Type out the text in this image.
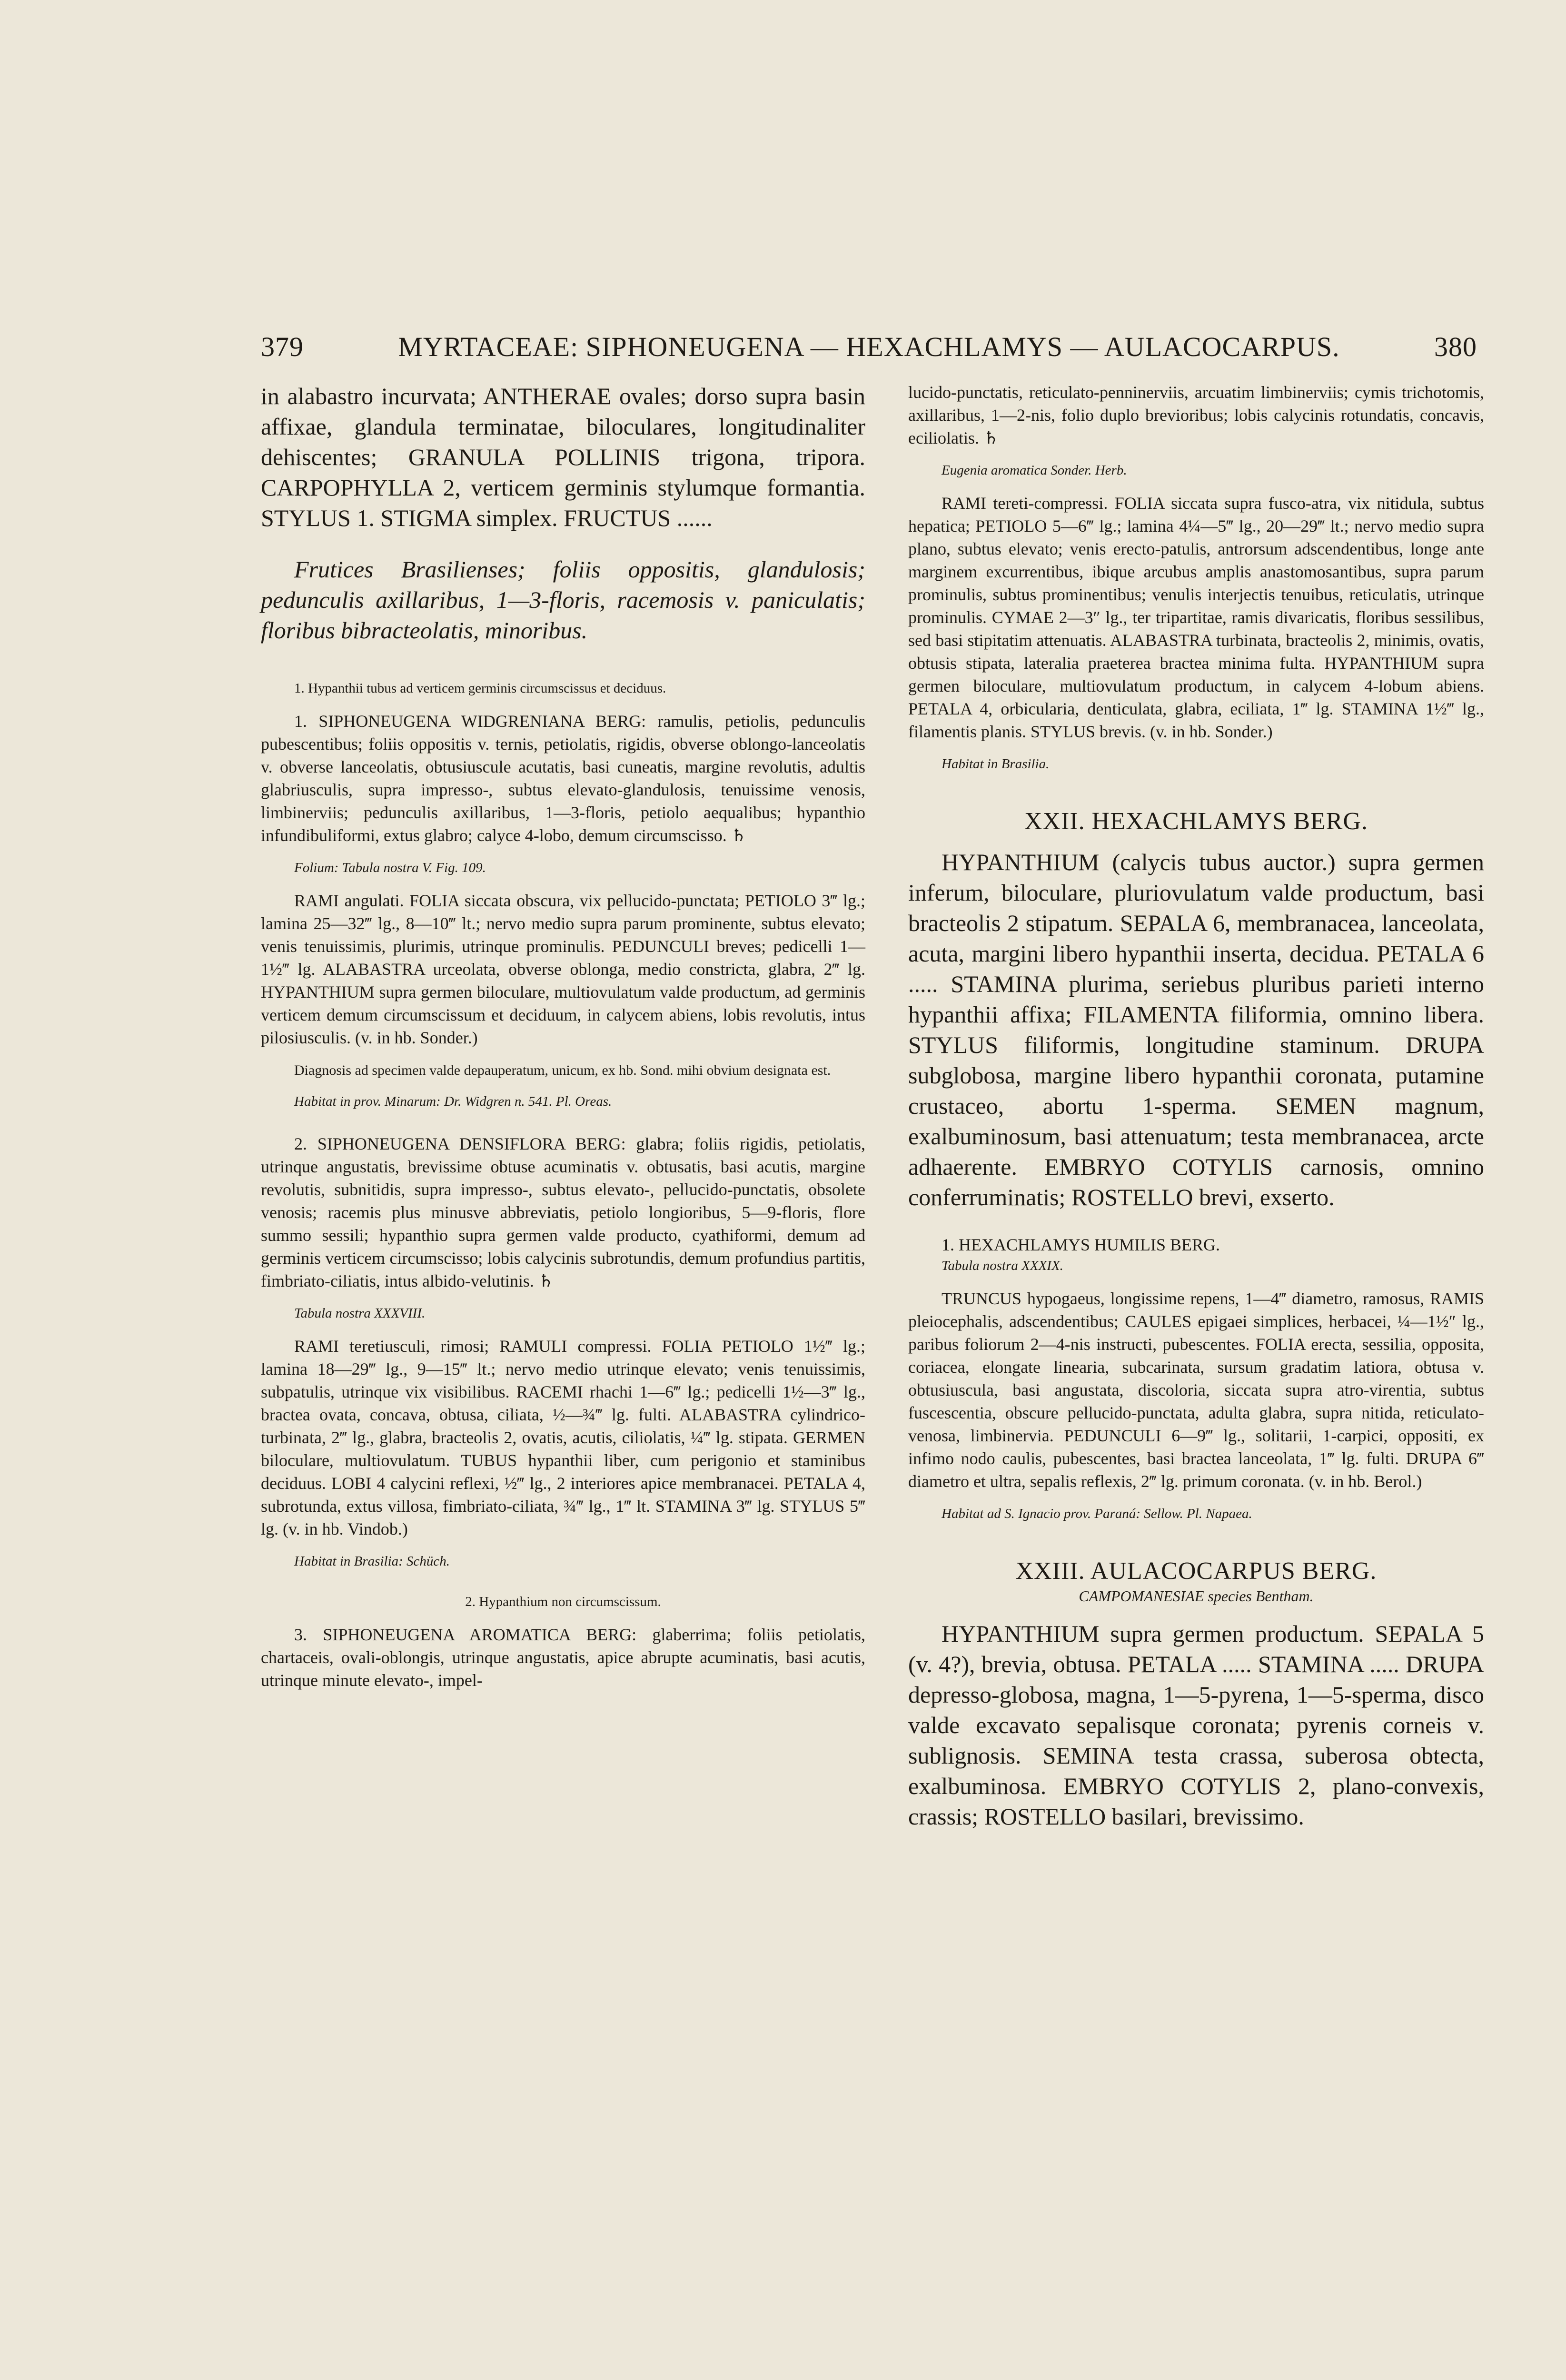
379	MYRTACEAE: SIPHONEUGENA — HEXACHLAMYS — AULACOCARPUS.	380

in alabastro incurvata; ANTHERAE ovales; dorso supra basin affixae, glandula terminatae, biloculares, longitudinaliter dehiscentes; GRANULA POLLINIS trigona, tripora. CARPOPHYLLA 2, verticem germinis stylumque formantia. STYLUS 1. STIGMA simplex. FRUCTUS ......

Frutices Brasilienses; foliis oppositis, glandulosis; pedunculis axillaribus, 1—3-floris, racemosis v. paniculatis; floribus bibracteolatis, minoribus.

1. Hypanthii tubus ad verticem germinis circumscissus et deciduus.

1. SIPHONEUGENA WIDGRENIANA BERG: ramulis, petiolis, pedunculis pubescentibus; foliis oppositis v. ternis, petiolatis, rigidis, obverse oblongo-lanceolatis v. obverse lanceolatis, obtusiuscule acutatis, basi cuneatis, margine revolutis, adultis glabriusculis, supra impresso-, subtus elevato-glandulosis, tenuissime venosis, limbinerviis; pedunculis axillaribus, 1—3-floris, petiolo aequalibus; hypanthio infundibuliformi, extus glabro; calyce 4-lobo, demum circumscisso. ♄

Folium: Tabula nostra V. Fig. 109.

RAMI angulati. FOLIA siccata obscura, vix pellucido-punctata; PETIOLO 3‴ lg.; lamina 25—32‴ lg., 8—10‴ lt.; nervo medio supra parum prominente, subtus elevato; venis tenuissimis, plurimis, utrinque prominulis. PEDUNCULI breves; pedicelli 1—1½‴ lg. ALABASTRA urceolata, obverse oblonga, medio constricta, glabra, 2‴ lg. HYPANTHIUM supra germen biloculare, multiovulatum valde productum, ad germinis verticem demum circumscissum et deciduum, in calycem abiens, lobis revolutis, intus pilosiusculis. (v. in hb. Sonder.)

Diagnosis ad specimen valde depauperatum, unicum, ex hb. Sond. mihi obvium designata est.

Habitat in prov. Minarum: Dr. Widgren n. 541. Pl. Oreas.

2. SIPHONEUGENA DENSIFLORA BERG: glabra; foliis rigidis, petiolatis, utrinque angustatis, brevissime obtuse acuminatis v. obtusatis, basi acutis, margine revolutis, subnitidis, supra impresso-, subtus elevato-, pellucido-punctatis, obsolete venosis; racemis plus minusve abbreviatis, petiolo longioribus, 5—9-floris, flore summo sessili; hypanthio supra germen valde producto, cyathiformi, demum ad germinis verticem circumscisso; lobis calycinis subrotundis, demum profundius partitis, fimbriato-ciliatis, intus albido-velutinis. ♄

Tabula nostra XXXVIII.

RAMI teretiusculi, rimosi; RAMULI compressi. FOLIA PETIOLO 1½‴ lg.; lamina 18—29‴ lg., 9—15‴ lt.; nervo medio utrinque elevato; venis tenuissimis, subpatulis, utrinque vix visibilibus. RACEMI rhachi 1—6‴ lg.; pedicelli 1½—3‴ lg., bractea ovata, concava, obtusa, ciliata, ½—¾‴ lg. fulti. ALABASTRA cylindrico-turbinata, 2‴ lg., glabra, bracteolis 2, ovatis, acutis, ciliolatis, ¼‴ lg. stipata. GERMEN biloculare, multiovulatum. TUBUS hypanthii liber, cum perigonio et staminibus deciduus. LOBI 4 calycini reflexi, ½‴ lg., 2 interiores apice membranacei. PETALA 4, subrotunda, extus villosa, fimbriato-ciliata, ¾‴ lg., 1‴ lt. STAMINA 3‴ lg. STYLUS 5‴ lg. (v. in hb. Vindob.)

Habitat in Brasilia: Schüch.

2. Hypanthium non circumscissum.

3. SIPHONEUGENA AROMATICA BERG: glaberrima; foliis petiolatis, chartaceis, ovali-oblongis, utrinque angustatis, apice abrupte acuminatis, basi acutis, utrinque minute elevato-, impel-

lucido-punctatis, reticulato-penninerviis, arcuatim limbinerviis; cymis trichotomis, axillaribus, 1—2-nis, folio duplo brevioribus; lobis calycinis rotundatis, concavis, eciliolatis. ♄

Eugenia aromatica Sonder. Herb.

RAMI tereti-compressi. FOLIA siccata supra fusco-atra, vix nitidula, subtus hepatica; PETIOLO 5—6‴ lg.; lamina 4¼—5‴ lg., 20—29‴ lt.; nervo medio supra plano, subtus elevato; venis erecto-patulis, antrorsum adscendentibus, longe ante marginem excurrentibus, ibique arcubus amplis anastomosantibus, supra parum prominulis, subtus prominentibus; venulis interjectis tenuibus, reticulatis, utrinque prominulis. CYMAE 2—3″ lg., ter tripartitae, ramis divaricatis, floribus sessilibus, sed basi stipitatim attenuatis. ALABASTRA turbinata, bracteolis 2, minimis, ovatis, obtusis stipata, lateralia praeterea bractea minima fulta. HYPANTHIUM supra germen biloculare, multiovulatum productum, in calycem 4-lobum abiens. PETALA 4, orbicularia, denticulata, glabra, eciliata, 1‴ lg. STAMINA 1½‴ lg., filamentis planis. STYLUS brevis. (v. in hb. Sonder.)

Habitat in Brasilia.

XXII. HEXACHLAMYS BERG.

HYPANTHIUM (calycis tubus auctor.) supra germen inferum, biloculare, pluriovulatum valde productum, basi bracteolis 2 stipatum. SEPALA 6, membranacea, lanceolata, acuta, margini libero hypanthii inserta, decidua. PETALA 6 ..... STAMINA plurima, seriebus pluribus parieti interno hypanthii affixa; FILAMENTA filiformia, omnino libera. STYLUS filiformis, longitudine staminum. DRUPA subglobosa, margine libero hypanthii coronata, putamine crustaceo, abortu 1-sperma. SEMEN magnum, exalbuminosum, basi attenuatum; testa membranacea, arcte adhaerente. EMBRYO COTYLIS carnosis, omnino conferruminatis; ROSTELLO brevi, exserto.

1. HEXACHLAMYS HUMILIS BERG.

Tabula nostra XXXIX.

TRUNCUS hypogaeus, longissime repens, 1—4‴ diametro, ramosus, RAMIS pleiocephalis, adscendentibus; CAULES epigaei simplices, herbacei, ¼—1½″ lg., paribus foliorum 2—4-nis instructi, pubescentes. FOLIA erecta, sessilia, opposita, coriacea, elongate linearia, subcarinata, sursum gradatim latiora, obtusa v. obtusiuscula, basi angustata, discoloria, siccata supra atro-virentia, subtus fuscescentia, obscure pellucido-punctata, adulta glabra, supra nitida, reticulato-venosa, limbinervia. PEDUNCULI 6—9‴ lg., solitarii, 1-carpici, oppositi, ex infimo nodo caulis, pubescentes, basi bractea lanceolata, 1‴ lg. fulti. DRUPA 6‴ diametro et ultra, sepalis reflexis, 2‴ lg. primum coronata. (v. in hb. Berol.)

Habitat ad S. Ignacio prov. Paraná: Sellow. Pl. Napaea.

XXIII. AULACOCARPUS BERG.

CAMPOMANESIAE species Bentham.

HYPANTHIUM supra germen productum. SEPALA 5 (v. 4?), brevia, obtusa. PETALA ..... STAMINA ..... DRUPA depresso-globosa, magna, 1—5-pyrena, 1—5-sperma, disco valde excavato sepalisque coronata; pyrenis corneis v. sublignosis. SEMINA testa crassa, suberosa obtecta, exalbuminosa. EMBRYO COTYLIS 2, plano-convexis, crassis; ROSTELLO basilari, brevissimo.
